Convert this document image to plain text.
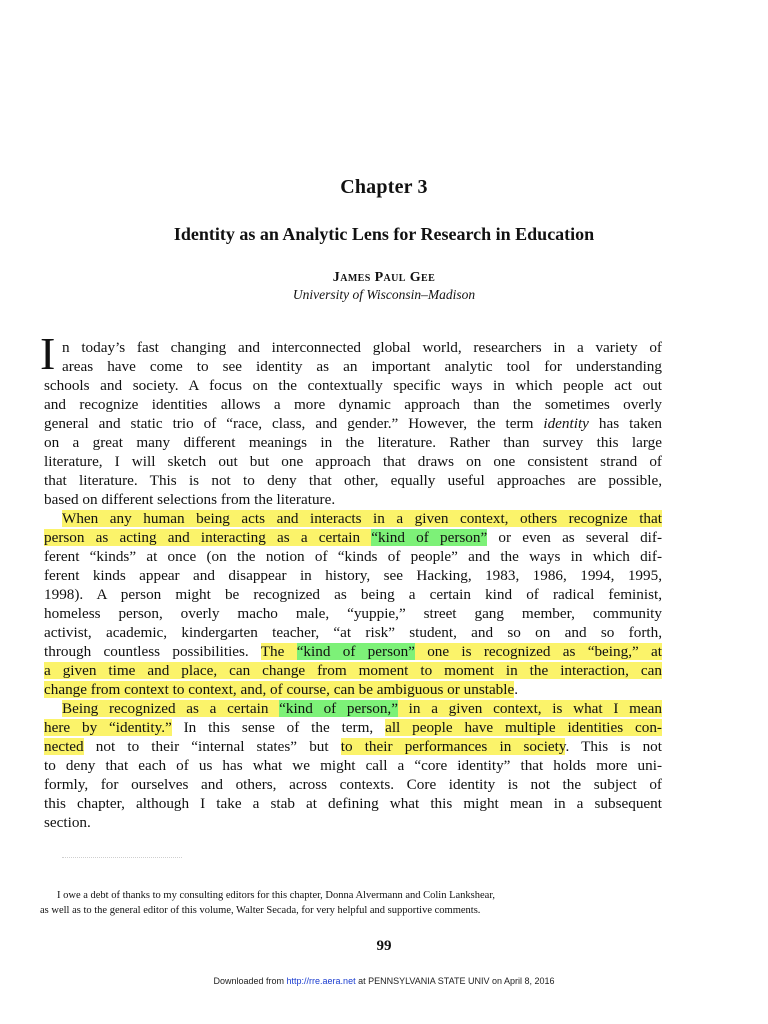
Chapter 3
Identity as an Analytic Lens for Research in Education
James Paul Gee
University of Wisconsin–Madison
I n today’s fast changing and interconnected global world, researchers in a variety of
areas have come to see identity as an important analytic tool for understanding
schools and society. A focus on the contextually specific ways in which people act out
and recognize identities allows a more dynamic approach than the sometimes overly
general and static trio of “race, class, and gender.” However, the term identity has taken
on a great many different meanings in the literature. Rather than survey this large
literature, I will sketch out but one approach that draws on one consistent strand of
that literature. This is not to deny that other, equally useful approaches are possible,
based on different selections from the literature.
When any human being acts and interacts in a given context, others recognize that
person as acting and interacting as a certain “kind of person” or even as several dif-
ferent “kinds” at once (on the notion of “kinds of people” and the ways in which dif-
ferent kinds appear and disappear in history, see Hacking, 1983, 1986, 1994, 1995,
1998). A person might be recognized as being a certain kind of radical feminist,
homeless person, overly macho male, “yuppie,” street gang member, community
activist, academic, kindergarten teacher, “at risk” student, and so on and so forth,
through countless possibilities. The “kind of person” one is recognized as “being,” at
a given time and place, can change from moment to moment in the interaction, can
change from context to context, and, of course, can be ambiguous or unstable.
Being recognized as a certain “kind of person,” in a given context, is what I mean
here by “identity.” In this sense of the term, all people have multiple identities con-
nected not to their “internal states” but to their performances in society. This is not
to deny that each of us has what we might call a “core identity” that holds more uni-
formly, for ourselves and others, across contexts. Core identity is not the subject of
this chapter, although I take a stab at defining what this might mean in a subsequent
section.
I owe a debt of thanks to my consulting editors for this chapter, Donna Alvermann and Colin Lankshear,
as well as to the general editor of this volume, Walter Secada, for very helpful and supportive comments.
99
Downloaded from http://rre.aera.net at PENNSYLVANIA STATE UNIV on April 8, 2016
